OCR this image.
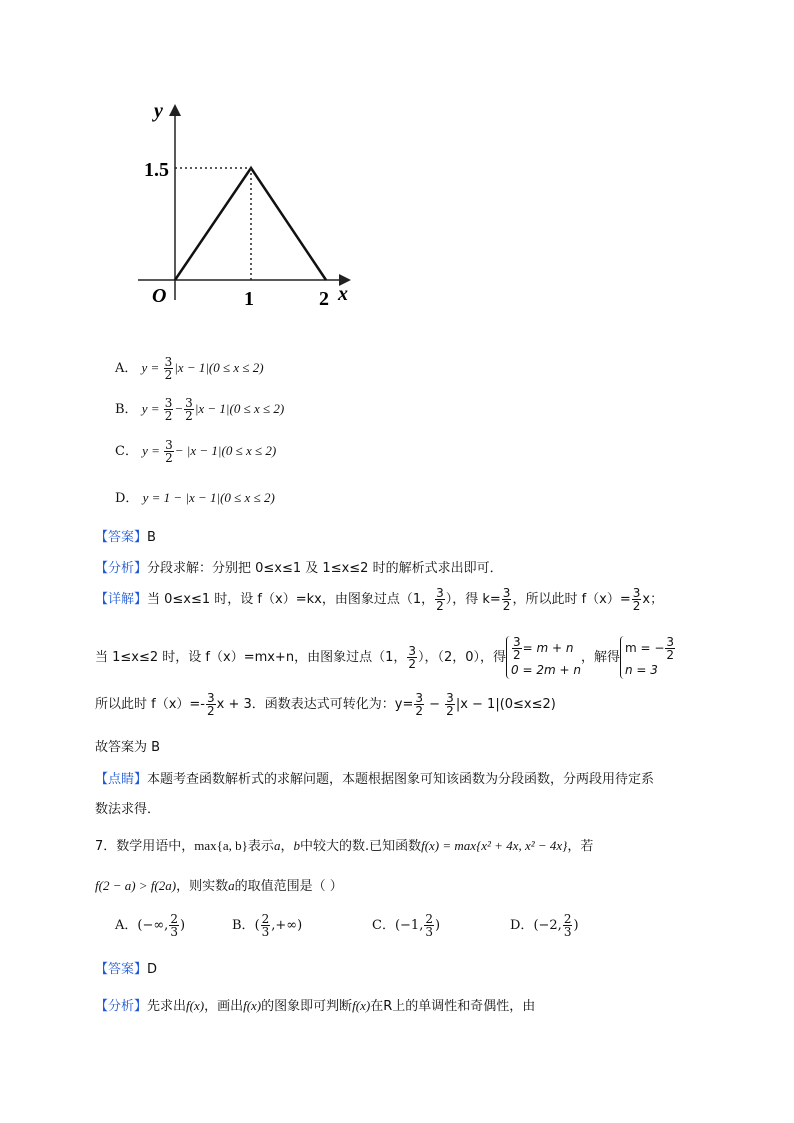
y
x
O
1.5
1	2
A． $y = \frac{3}{2} |x - 1|(0 \le x \le 2)$
B． $y = \frac{3}{2} - \frac{3}{2} |x - 1|(0 \le x \le 2)$
C． $y = \frac{3}{2} - |x - 1|(0 \le x \le 2)$
D． y = 1 − |x − 1|(0 ≤ x ≤ 2)
【答案】B
【分析】分段求解：分别把 0≤x≤1 及 1≤x≤2 时的解析式求出即可．
【详解】当 0≤x≤1 时，设 f（x）=kx，由图象过点（1， $\frac{3}{2}$ ），得 $k= \frac{3}{2}$ ，所以此时 $f(x)= \frac{3}{2}$ x；
当 1≤x≤2 时，设 f（x）=mx+n，由图象过点（1， $\frac{3}{2}$ ），（2，0），得 $\frac{3}{2} = m + n$
0 = 2m + n
，解得
m = − $\frac{3}{2}$
n = 3
所以此时 $f(x)=- \frac{3}{2}$ x + 3．函数表达式可转化为：$y= \frac{3}{2} - \frac{3}{2} |x - 1|(0\le x\le 2)$
故答案为 B
【点睛】本题考查函数解析式的求解问题，本题根据图象可知该函数为分段函数，分两段用待定系
数法求得．
7．数学用语中，max{a, b}表示a，b中较大的数.已知函数f(x) = max{x² + 4x, x² − 4x}，若
f(2 − a) > f(2a)，则实数a的取值范围是（ ）
A．(−∞, $\frac{2}{3}$ )	B．( $\frac{2}{3}$ ,+∞)	C．(−1, $\frac{2}{3}$ )	D．(−2, $\frac{2}{3}$ )
【答案】D
【分析】先求出f(x)，画出f(x)的图象即可判断f(x)在R上的单调性和奇偶性，由
